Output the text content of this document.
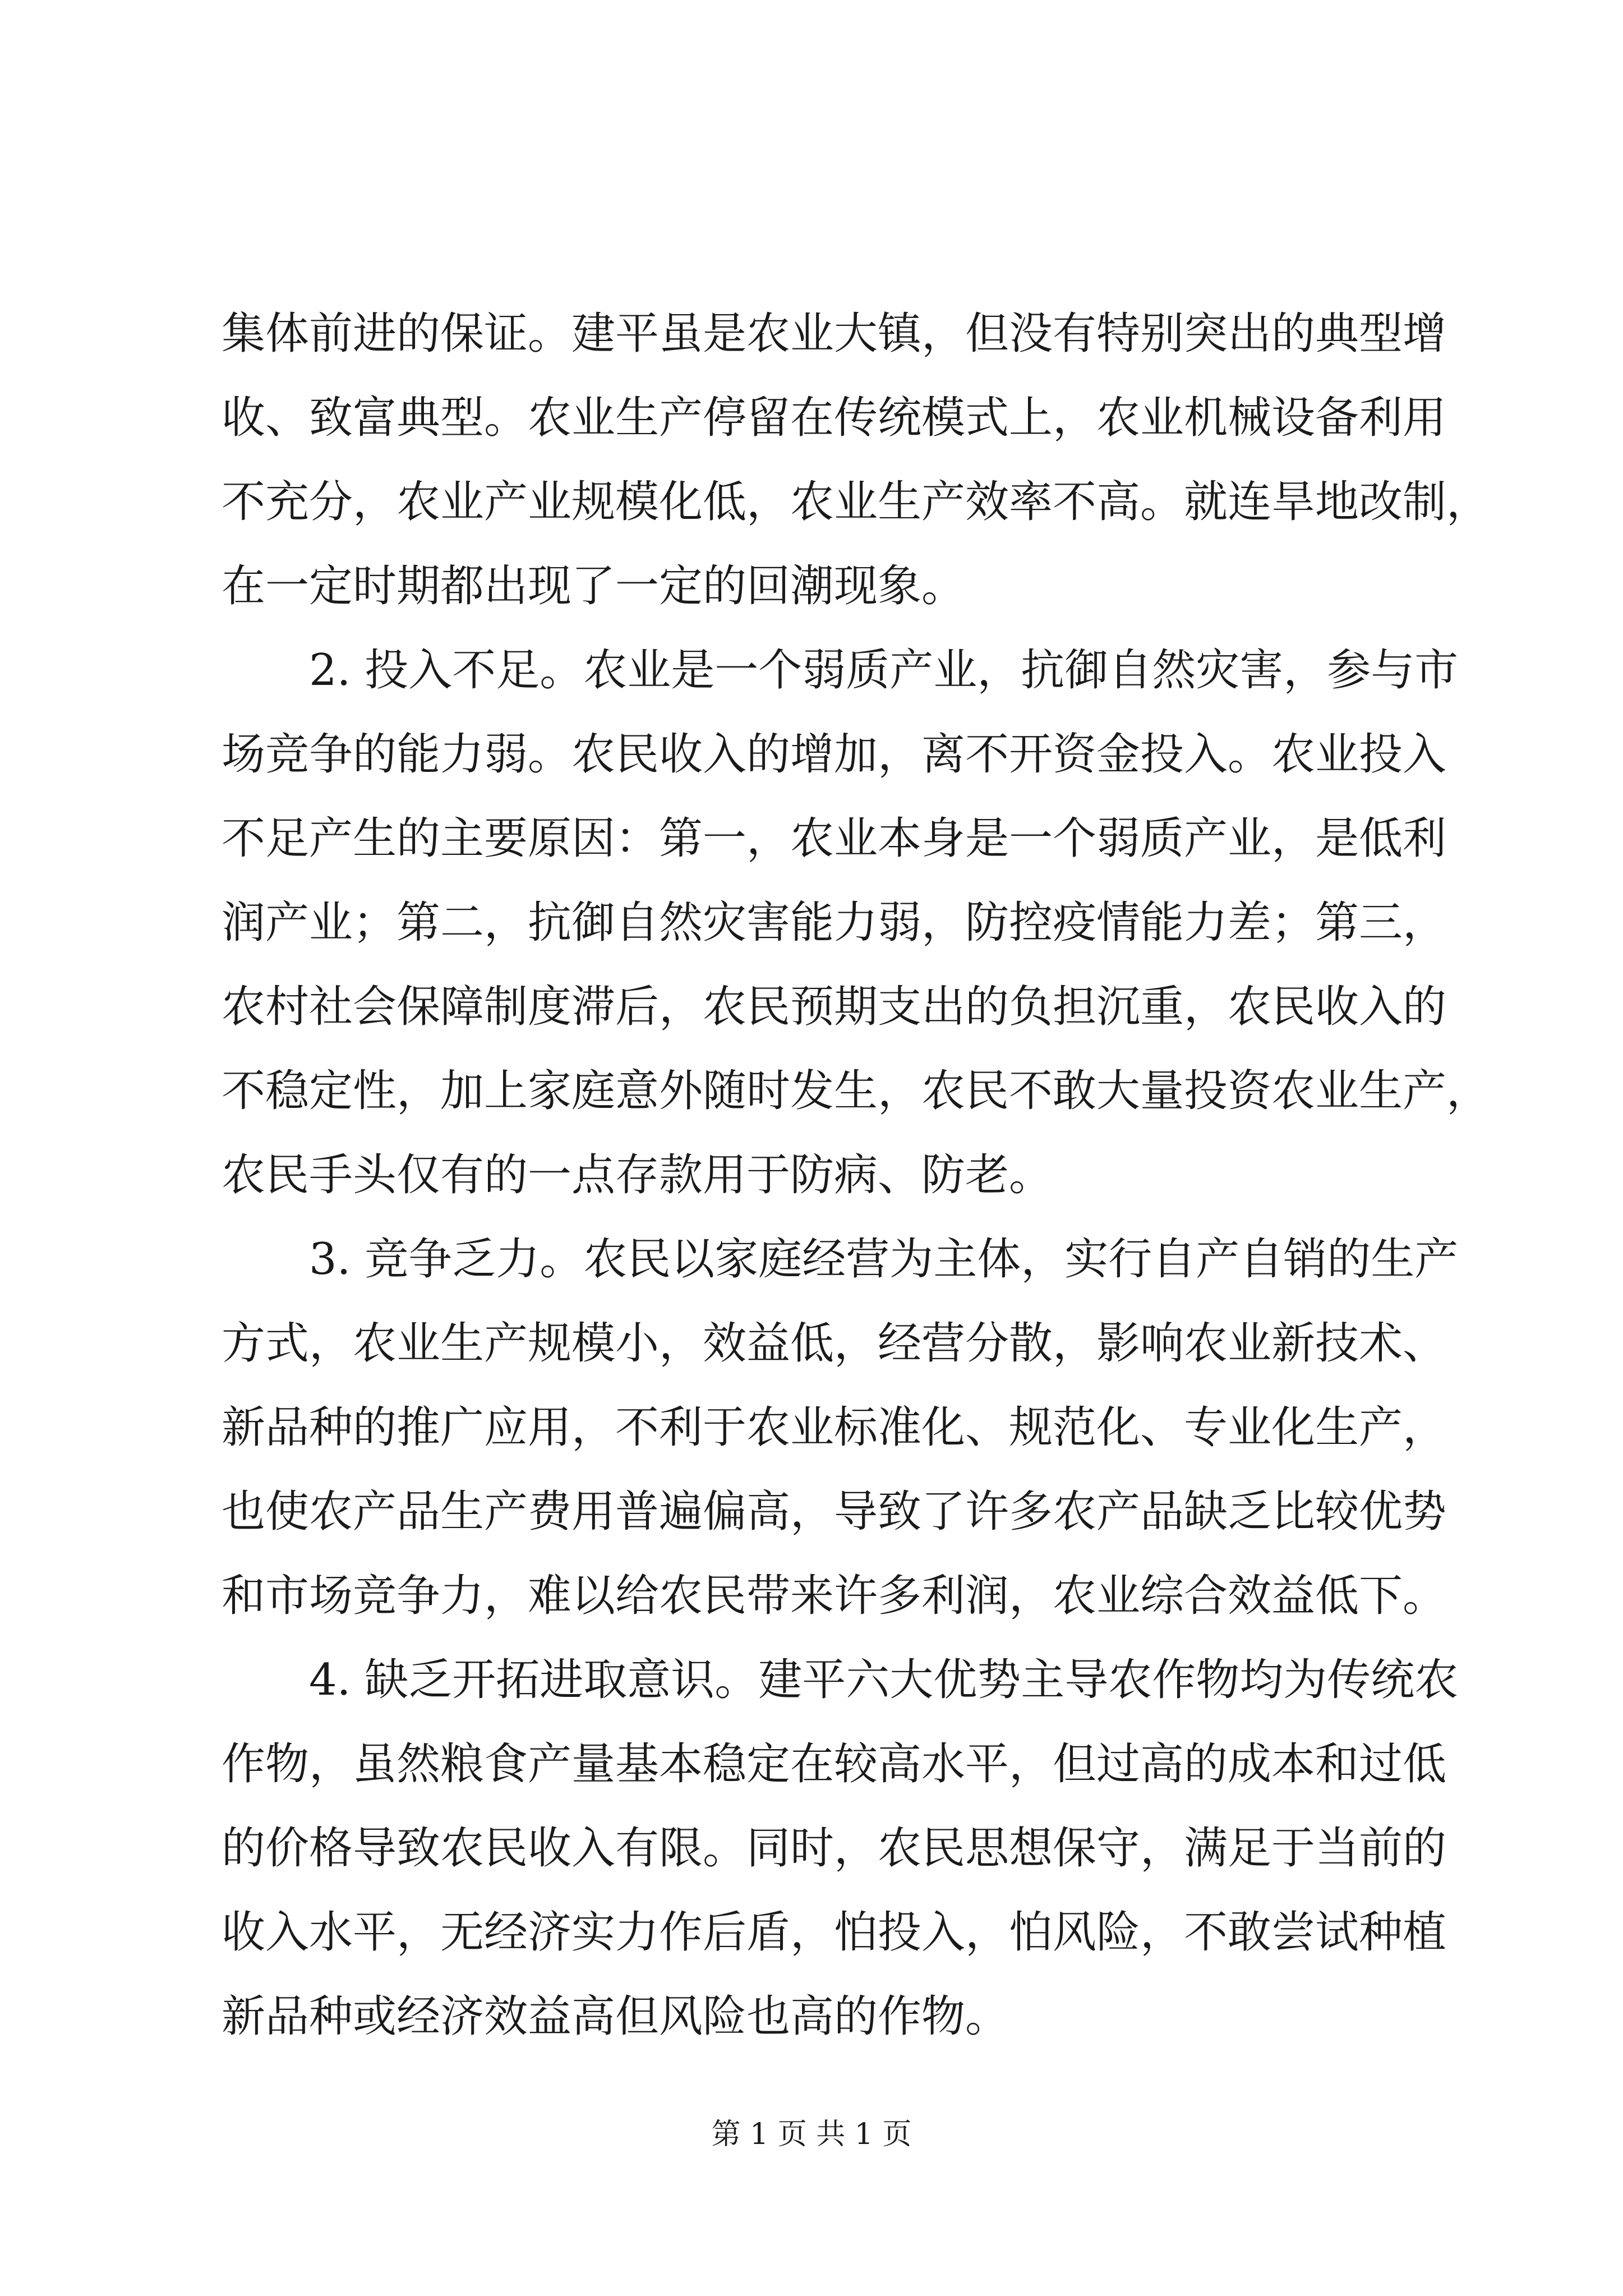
集体前进的保证。建平虽是农业大镇，但没有特别突出的典型增
收、致富典型。农业生产停留在传统模式上，农业机械设备利用
不充分，农业产业规模化低，农业生产效率不高。就连旱地改制，
在一定时期都出现了一定的回潮现象。
　　2. 投入不足。农业是一个弱质产业，抗御自然灾害，参与市
场竞争的能力弱。农民收入的增加，离不开资金投入。农业投入
不足产生的主要原因：第一，农业本身是一个弱质产业，是低利
润产业；第二，抗御自然灾害能力弱，防控疫情能力差；第三，
农村社会保障制度滞后，农民预期支出的负担沉重，农民收入的
不稳定性，加上家庭意外随时发生，农民不敢大量投资农业生产，
农民手头仅有的一点存款用于防病、防老。
　　3. 竞争乏力。农民以家庭经营为主体，实行自产自销的生产
方式，农业生产规模小，效益低，经营分散，影响农业新技术、
新品种的推广应用，不利于农业标准化、规范化、专业化生产，
也使农产品生产费用普遍偏高，导致了许多农产品缺乏比较优势
和市场竞争力，难以给农民带来许多利润，农业综合效益低下。
　　4. 缺乏开拓进取意识。建平六大优势主导农作物均为传统农
作物，虽然粮食产量基本稳定在较高水平，但过高的成本和过低
的价格导致农民收入有限。同时，农民思想保守，满足于当前的
收入水平，无经济实力作后盾，怕投入，怕风险，不敢尝试种植
新品种或经济效益高但风险也高的作物。
第 1 页 共 1 页
